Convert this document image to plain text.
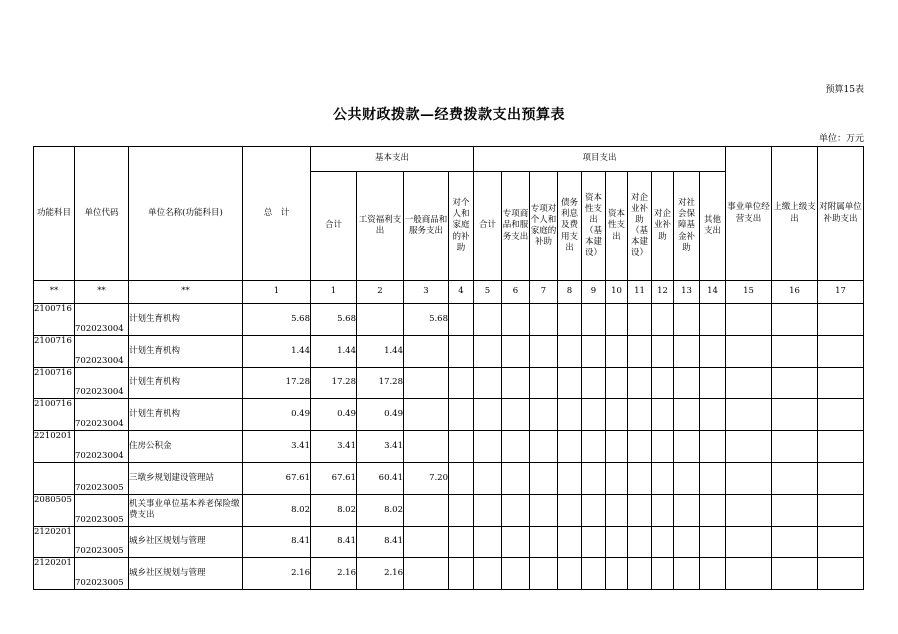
预算15表
公共财政拨款—经费拨款支出预算表
单位：万元
功能科目	单位代码	单位名称(功能科目)	总　计	基本支出				项目支出										事业单位经营支出	上缴上级支出	对附属单位补助支出
				合计	工资福利支出	一般商品和服务支出	对个人和家庭的补助	合计	专项商品和服务支出	专项对个人和家庭的补助	债务利息及费用支出	资本性支出（基本建设）	资本性支出	对企业补助（基本建设）	对企业补助	对社会保障基金补助	其他支出			
**	**	**	1	1	2	3	4	5	6	7	8	9	10	11	12	13	14	15	16	17
2100716	702023004	计划生育机构	5.68	5.68		5.68														
2100716	702023004	计划生育机构	1.44	1.44	1.44															
2100716	702023004	计划生育机构	17.28	17.28	17.28															
2100716	702023004	计划生育机构	0.49	0.49	0.49															
2210201	702023004	住房公积金	3.41	3.41	3.41															
	702023005	三墩乡规划建设管理站	67.61	67.61	60.41	7.20														
2080505	702023005	机关事业单位基本养老保险缴费支出	8.02	8.02	8.02															
2120201	702023005	城乡社区规划与管理	8.41	8.41	8.41															
2120201	702023005	城乡社区规划与管理	2.16	2.16	2.16															
